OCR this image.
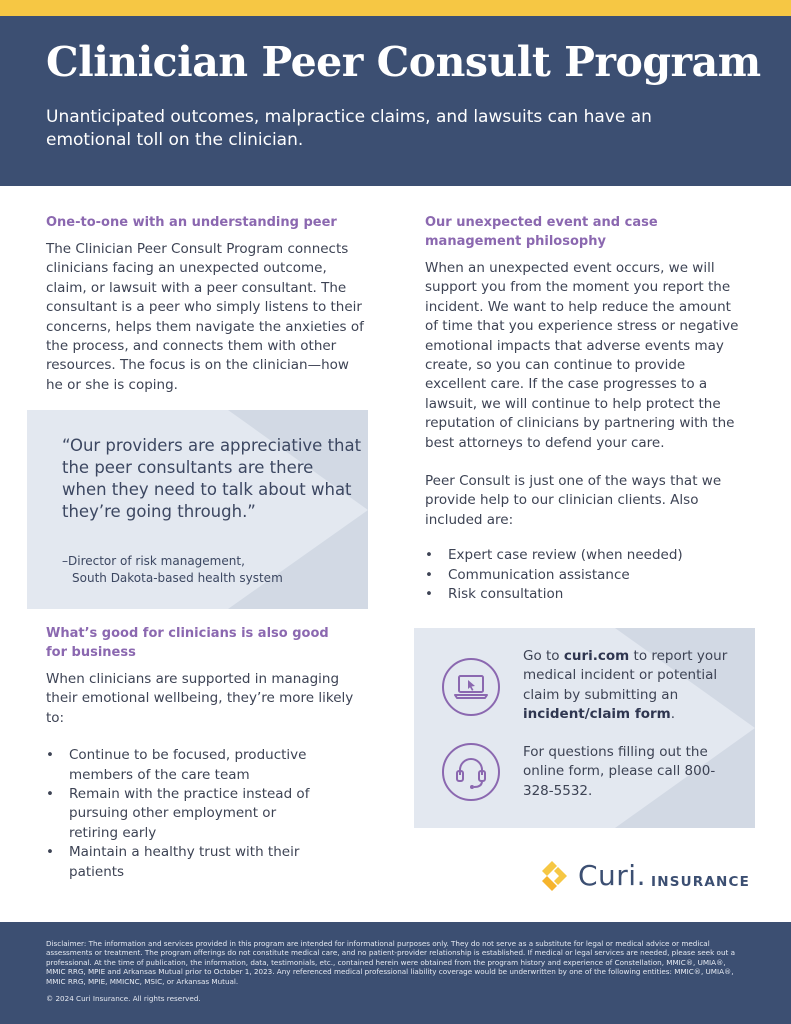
Clinician Peer Consult Program

Unanticipated outcomes, malpractice claims, and lawsuits can have an emotional toll on the clinician.

One-to-one with an understanding peer
The Clinician Peer Consult Program connects clinicians facing an unexpected outcome, claim, or lawsuit with a peer consultant. The consultant is a peer who simply listens to their concerns, helps them navigate the anxieties of the process, and connects them with other resources. The focus is on the clinician—how he or she is coping.
“Our providers are appreciative that the peer consultants are there when they need to talk about what they’re going through.”
–Director of risk management,
South Dakota-based health system
What’s good for clinicians is also good for business
When clinicians are supported in managing their emotional wellbeing, they’re more likely to:
• Continue to be focused, productive members of the care team
• Remain with the practice instead of pursuing other employment or retiring early
• Maintain a healthy trust with their patients
Our unexpected event and case management philosophy
When an unexpected event occurs, we will support you from the moment you report the incident. We want to help reduce the amount of time that you experience stress or negative emotional impacts that adverse events may create, so you can continue to provide excellent care. If the case progresses to a lawsuit, we will continue to help protect the reputation of clinicians by partnering with the best attorneys to defend your care.
Peer Consult is just one of the ways that we provide help to our clinician clients. Also included are:
• Expert case review (when needed)
• Communication assistance
• Risk consultation
Go to curi.com to report your medical incident or potential claim by submitting an incident/claim form.
For questions filling out the online form, please call 800-328-5532.
Curi. INSURANCE
Disclaimer: The information and services provided in this program are intended for informational purposes only. They do not serve as a substitute for legal or medical advice or medical assessments or treatment. The program offerings do not constitute medical care, and no patient-provider relationship is established. If medical or legal services are needed, please seek out a professional. At the time of publication, the information, data, testimonials, etc., contained herein were obtained from the program history and experience of Constellation, MMIC®, UMIA®, MMIC RRG, MPIE and Arkansas Mutual prior to October 1, 2023. Any referenced medical professional liability coverage would be underwritten by one of the following entities: MMIC®, UMIA®, MMIC RRG, MPIE, MMICNC, MSIC, or Arkansas Mutual.
© 2024 Curi Insurance. All rights reserved.
